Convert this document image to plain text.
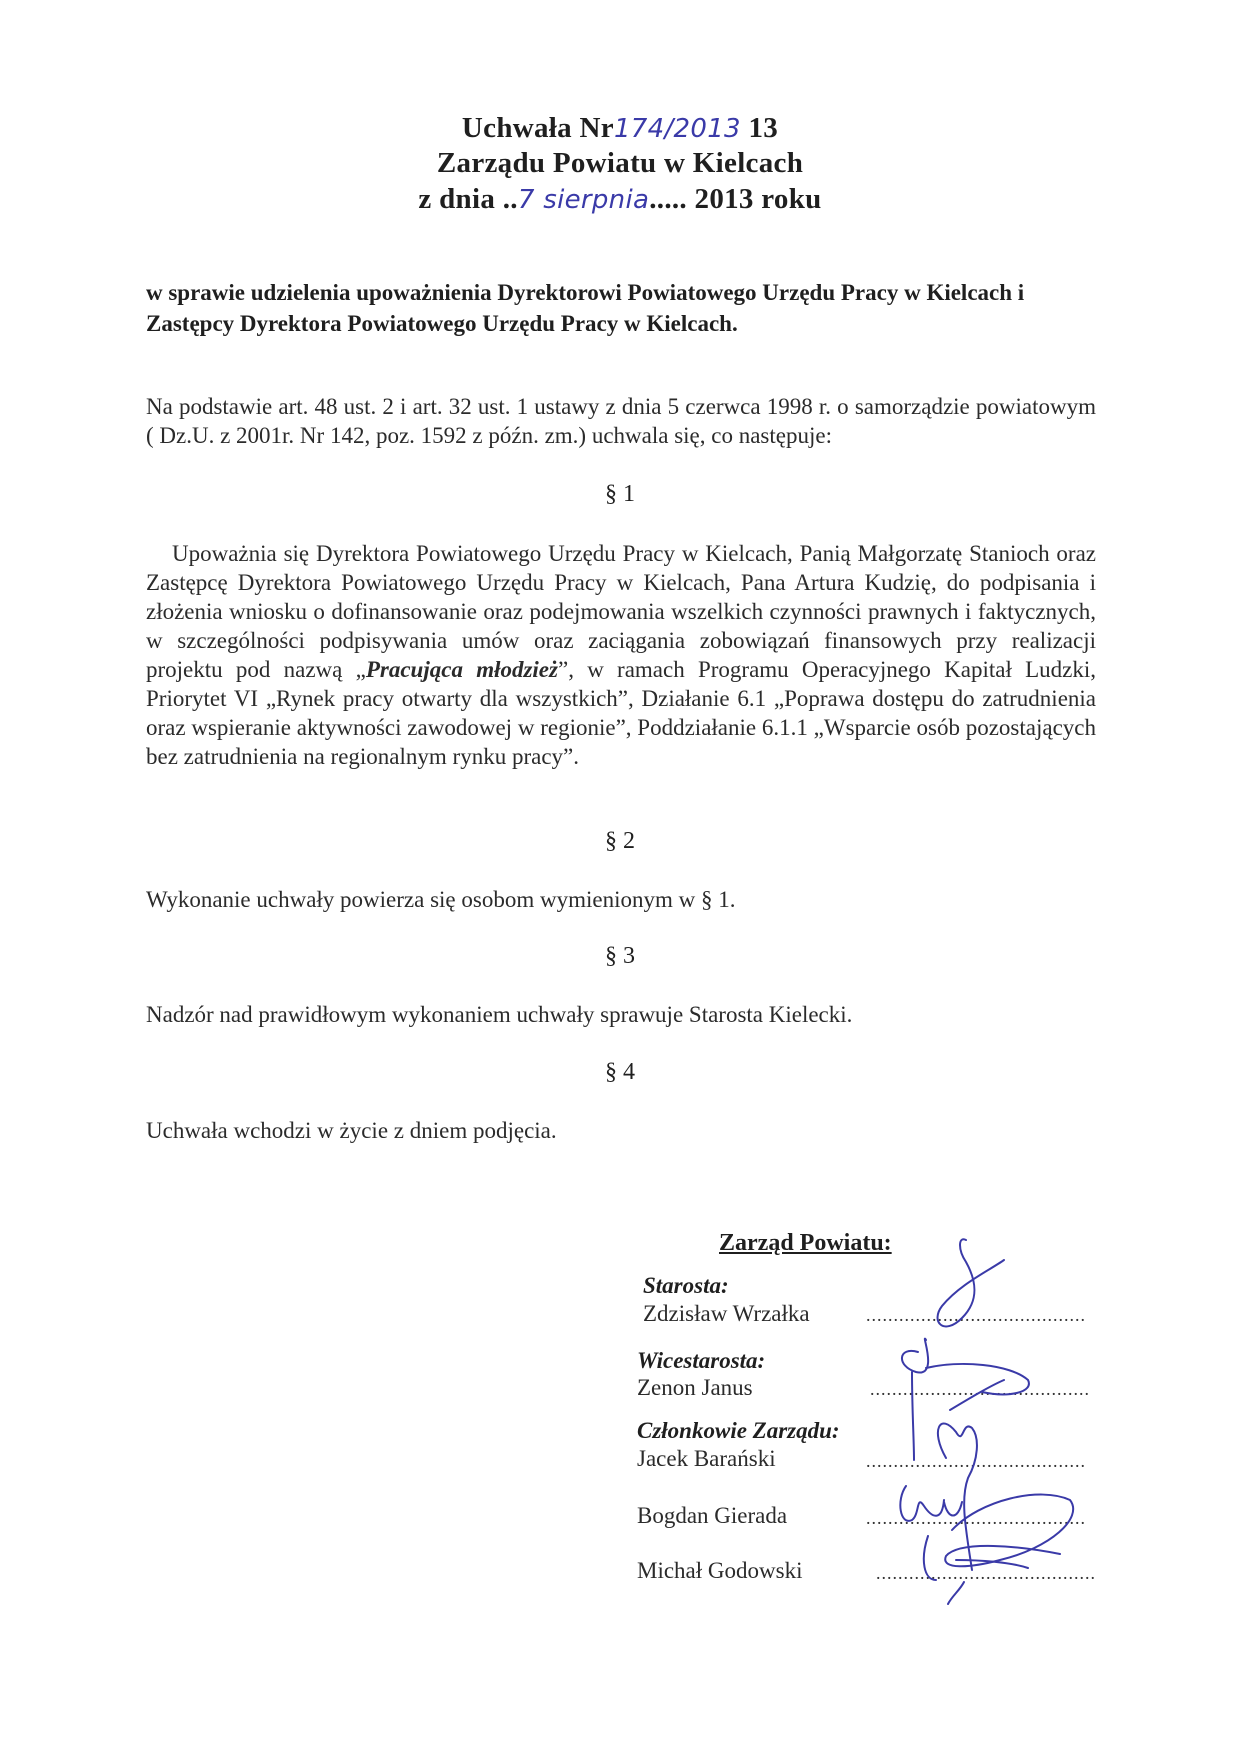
Uchwała Nr174/2013 13
Zarządu Powiatu w Kielcach
z dnia ..7 sierpnia..... 2013 roku
w sprawie udzielenia upoważnienia Dyrektorowi Powiatowego Urzędu Pracy w Kielcach i Zastępcy Dyrektora Powiatowego Urzędu Pracy w Kielcach.
Na podstawie art. 48 ust. 2 i art. 32 ust. 1 ustawy z dnia 5 czerwca 1998 r. o samorządzie powiatowym ( Dz.U. z 2001r. Nr 142, poz. 1592 z późn. zm.) uchwala się, co następuje:
§ 1
Upoważnia się Dyrektora Powiatowego Urzędu Pracy w Kielcach, Panią Małgorzatę Stanioch oraz Zastępcę Dyrektora Powiatowego Urzędu Pracy w Kielcach, Pana Artura Kudzię, do podpisania i złożenia wniosku o dofinansowanie oraz podejmowania wszelkich czynności prawnych i faktycznych, w szczególności podpisywania umów oraz zaciągania zobowiązań finansowych przy realizacji projektu pod nazwą „Pracująca młodzież”, w ramach Programu Operacyjnego Kapitał Ludzki, Priorytet VI „Rynek pracy otwarty dla wszystkich”, Działanie 6.1 „Poprawa dostępu do zatrudnienia oraz wspieranie aktywności zawodowej w regionie”, Poddziałanie 6.1.1 „Wsparcie osób pozostających bez zatrudnienia na regionalnym rynku pracy”.
§ 2
Wykonanie uchwały powierza się osobom wymienionym w § 1.
§ 3
Nadzór nad prawidłowym wykonaniem uchwały sprawuje Starosta Kielecki.
§ 4
Uchwała wchodzi w życie z dniem podjęcia.
Zarząd Powiatu:
Starosta:
Zdzisław Wrzałka	........................................
Wicestarosta:
Zenon Janus	........................................
Członkowie Zarządu:
Jacek Barański	........................................
Bogdan Gierada	........................................
Michał Godowski	........................................
